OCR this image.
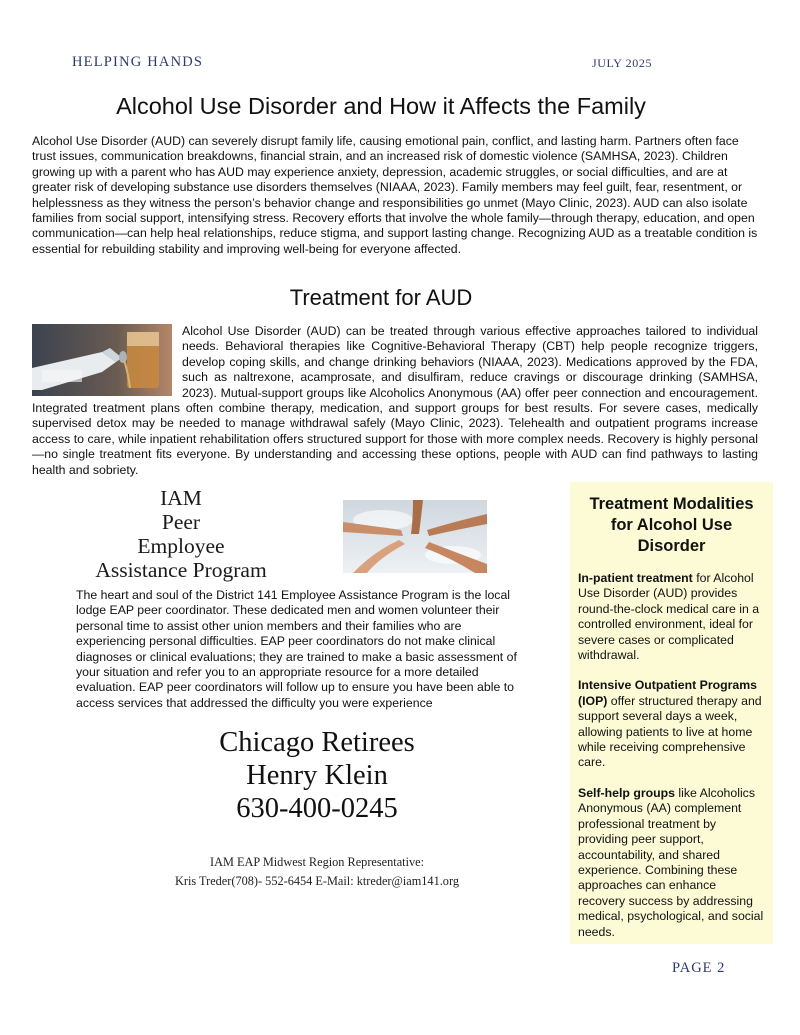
HELPING HANDS	JULY 2025
Alcohol Use Disorder and How it Affects the Family
Alcohol Use Disorder (AUD) can severely disrupt family life, causing emotional pain, conflict, and lasting harm. Partners often face trust issues, communication breakdowns, financial strain, and an increased risk of domestic violence (SAMHSA, 2023). Children growing up with a parent who has AUD may experience anxiety, depression, academic struggles, or social difficulties, and are at greater risk of developing substance use disorders themselves (NIAAA, 2023). Family members may feel guilt, fear, resentment, or helplessness as they witness the person’s behavior change and responsibilities go unmet (Mayo Clinic, 2023). AUD can also isolate families from social support, intensifying stress. Recovery efforts that involve the whole family—through therapy, education, and open communication—can help heal relationships, reduce stigma, and support lasting change. Recognizing AUD as a treatable condition is essential for rebuilding stability and improving well-being for everyone affected.
Treatment for AUD
Alcohol Use Disorder (AUD) can be treated through various effective approaches tailored to individual needs. Behavioral therapies like Cognitive-Behavioral Therapy (CBT) help people recognize triggers, develop coping skills, and change drinking behaviors (NIAAA, 2023). Medications approved by the FDA, such as naltrexone, acamprosate, and disulfiram, reduce cravings or discourage drinking (SAMHSA, 2023). Mutual-support groups like Alcoholics Anonymous (AA) offer peer connection and encouragement. Integrated treatment plans often combine therapy, medication, and support groups for best results. For severe cases, medically supervised detox may be needed to manage withdrawal safely (Mayo Clinic, 2023). Telehealth and outpatient programs increase access to care, while inpatient rehabilitation offers structured support for those with more complex needs. Recovery is highly personal—no single treatment fits everyone. By understanding and accessing these options, people with AUD can find pathways to lasting health and sobriety.
IAM
Peer
Employee
Assistance Program
The heart and soul of the District 141 Employee Assistance Program is the local lodge EAP peer coordinator. These dedicated men and women volunteer their personal time to assist other union members and their families who are experiencing personal difficulties. EAP peer coordinators do not make clinical diagnoses or clinical evaluations; they are trained to make a basic assessment of your situation and refer you to an appropriate resource for a more detailed evaluation. EAP peer coordinators will follow up to ensure you have been able to access services that addressed the difficulty you were experience
Chicago Retirees
Henry Klein
630-400-0245
IAM EAP Midwest Region Representative:
Kris Treder(708)- 552-6454 E-Mail: ktreder@iam141.org
Treatment Modalities for Alcohol Use Disorder
In-patient treatment for Alcohol Use Disorder (AUD) provides round-the-clock medical care in a controlled environment, ideal for severe cases or complicated withdrawal.
Intensive Outpatient Programs (IOP) offer structured therapy and support several days a week, allowing patients to live at home while receiving comprehensive care.
Self-help groups like Alcoholics Anonymous (AA) complement professional treatment by providing peer support, accountability, and shared experience. Combining these approaches can enhance recovery success by addressing medical, psychological, and social needs.
PAGE 2
